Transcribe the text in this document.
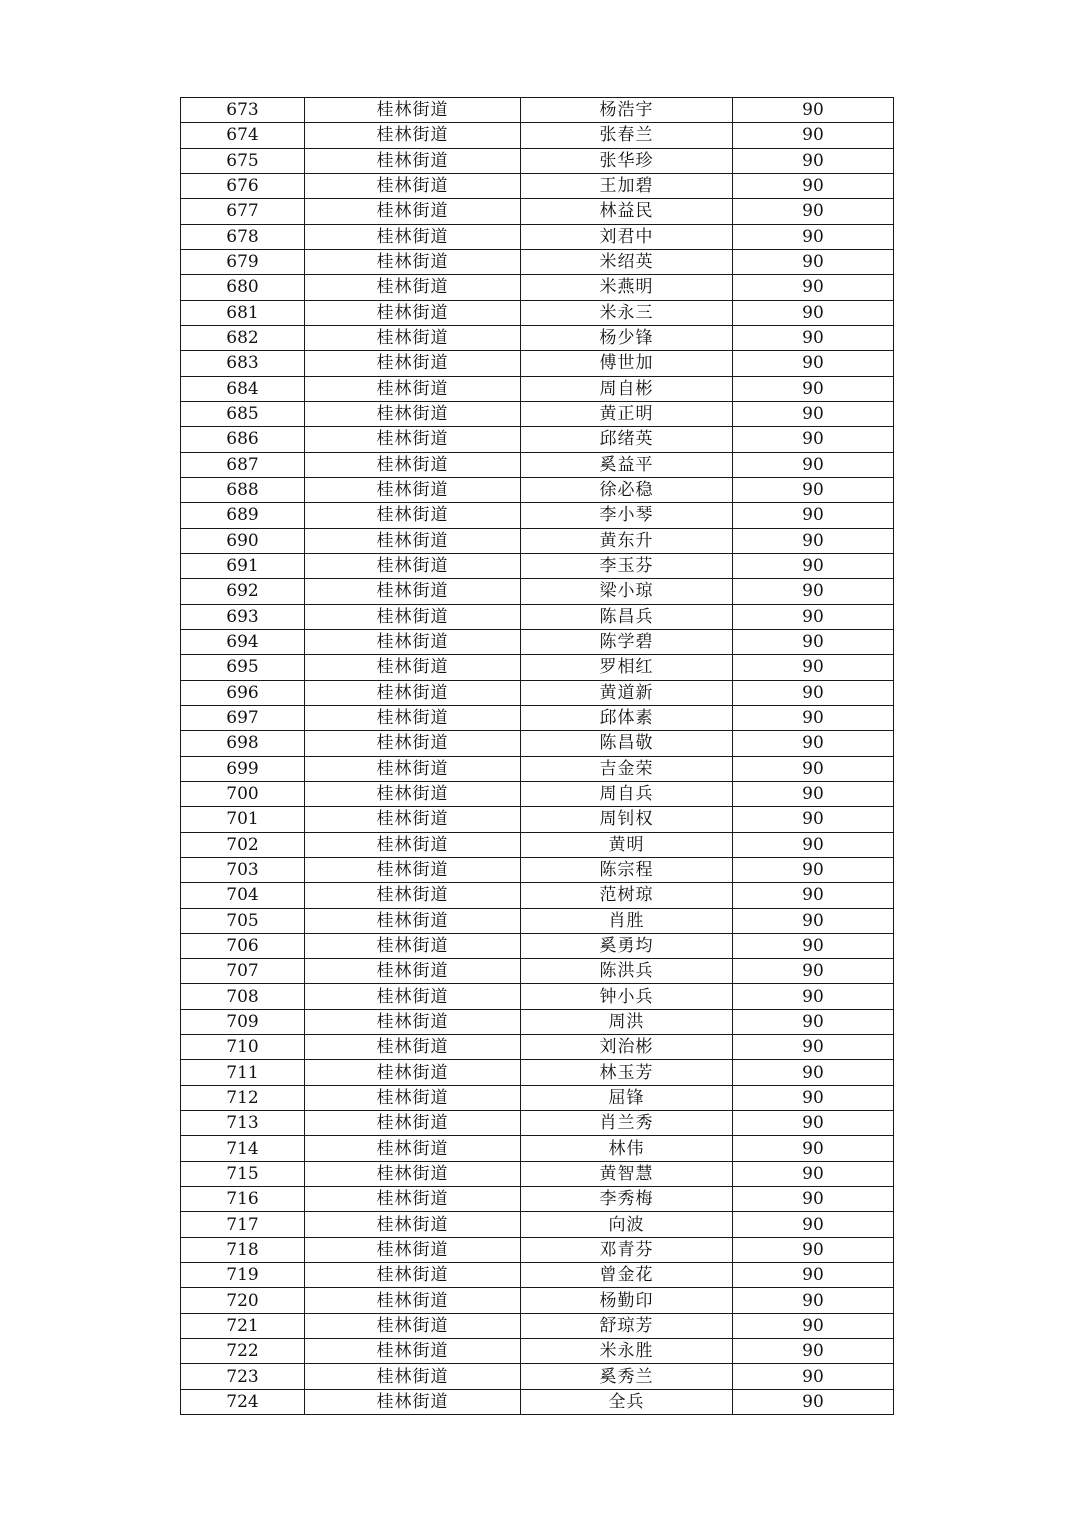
673	桂林街道	杨浩宇	90
674	桂林街道	张春兰	90
675	桂林街道	张华珍	90
676	桂林街道	王加碧	90
677	桂林街道	林益民	90
678	桂林街道	刘君中	90
679	桂林街道	米绍英	90
680	桂林街道	米燕明	90
681	桂林街道	米永三	90
682	桂林街道	杨少锋	90
683	桂林街道	傅世加	90
684	桂林街道	周自彬	90
685	桂林街道	黄正明	90
686	桂林街道	邱绪英	90
687	桂林街道	奚益平	90
688	桂林街道	徐必稳	90
689	桂林街道	李小琴	90
690	桂林街道	黄东升	90
691	桂林街道	李玉芬	90
692	桂林街道	梁小琼	90
693	桂林街道	陈昌兵	90
694	桂林街道	陈学碧	90
695	桂林街道	罗相红	90
696	桂林街道	黄道新	90
697	桂林街道	邱体素	90
698	桂林街道	陈昌敬	90
699	桂林街道	吉金荣	90
700	桂林街道	周自兵	90
701	桂林街道	周钊权	90
702	桂林街道	黄明	90
703	桂林街道	陈宗程	90
704	桂林街道	范树琼	90
705	桂林街道	肖胜	90
706	桂林街道	奚勇均	90
707	桂林街道	陈洪兵	90
708	桂林街道	钟小兵	90
709	桂林街道	周洪	90
710	桂林街道	刘治彬	90
711	桂林街道	林玉芳	90
712	桂林街道	屈锋	90
713	桂林街道	肖兰秀	90
714	桂林街道	林伟	90
715	桂林街道	黄智慧	90
716	桂林街道	李秀梅	90
717	桂林街道	向波	90
718	桂林街道	邓青芬	90
719	桂林街道	曾金花	90
720	桂林街道	杨勤印	90
721	桂林街道	舒琼芳	90
722	桂林街道	米永胜	90
723	桂林街道	奚秀兰	90
724	桂林街道	全兵	90
